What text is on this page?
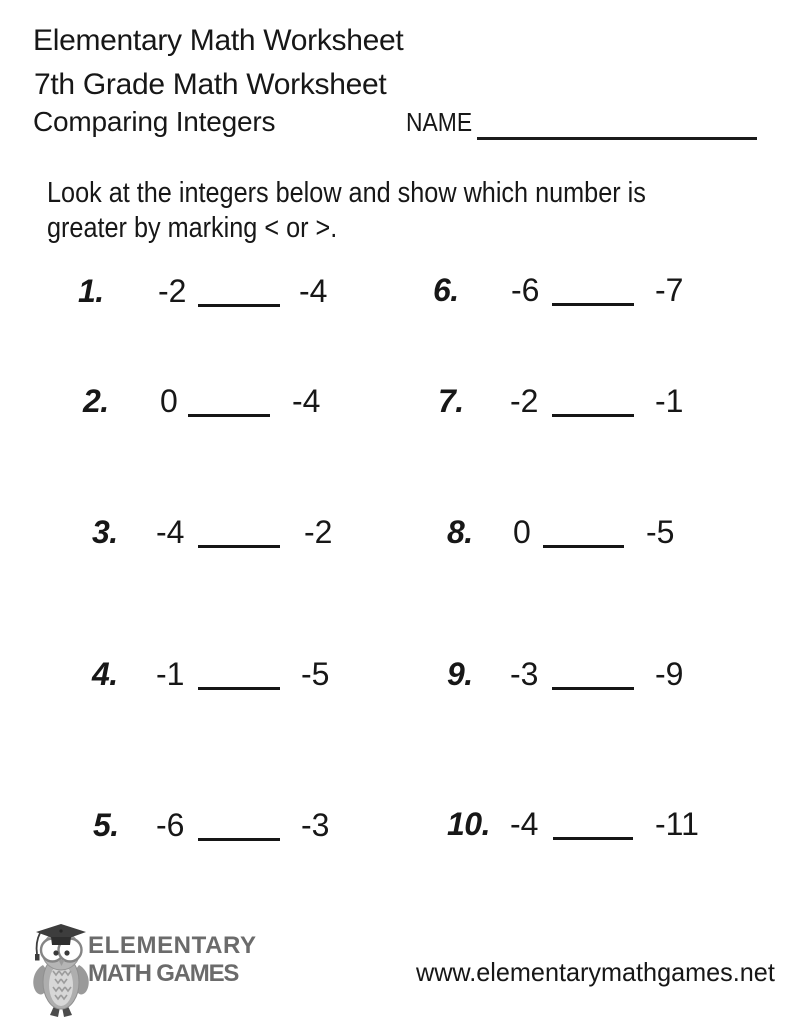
Elementary Math Worksheet
7th Grade Math Worksheet
Comparing Integers	NAME
Look at the integers below and show which number is
greater by marking < or >.
1. -2	-4
2. 0	-4
3. -4	-2
4. -1	-5
5. -6	-3
6. -6	-7
7. -2	-1
8. 0	-5
9. -3	-9
10. -4	-11
ELEMENTARY
MATH GAMES	www.elementarymathgames.net
